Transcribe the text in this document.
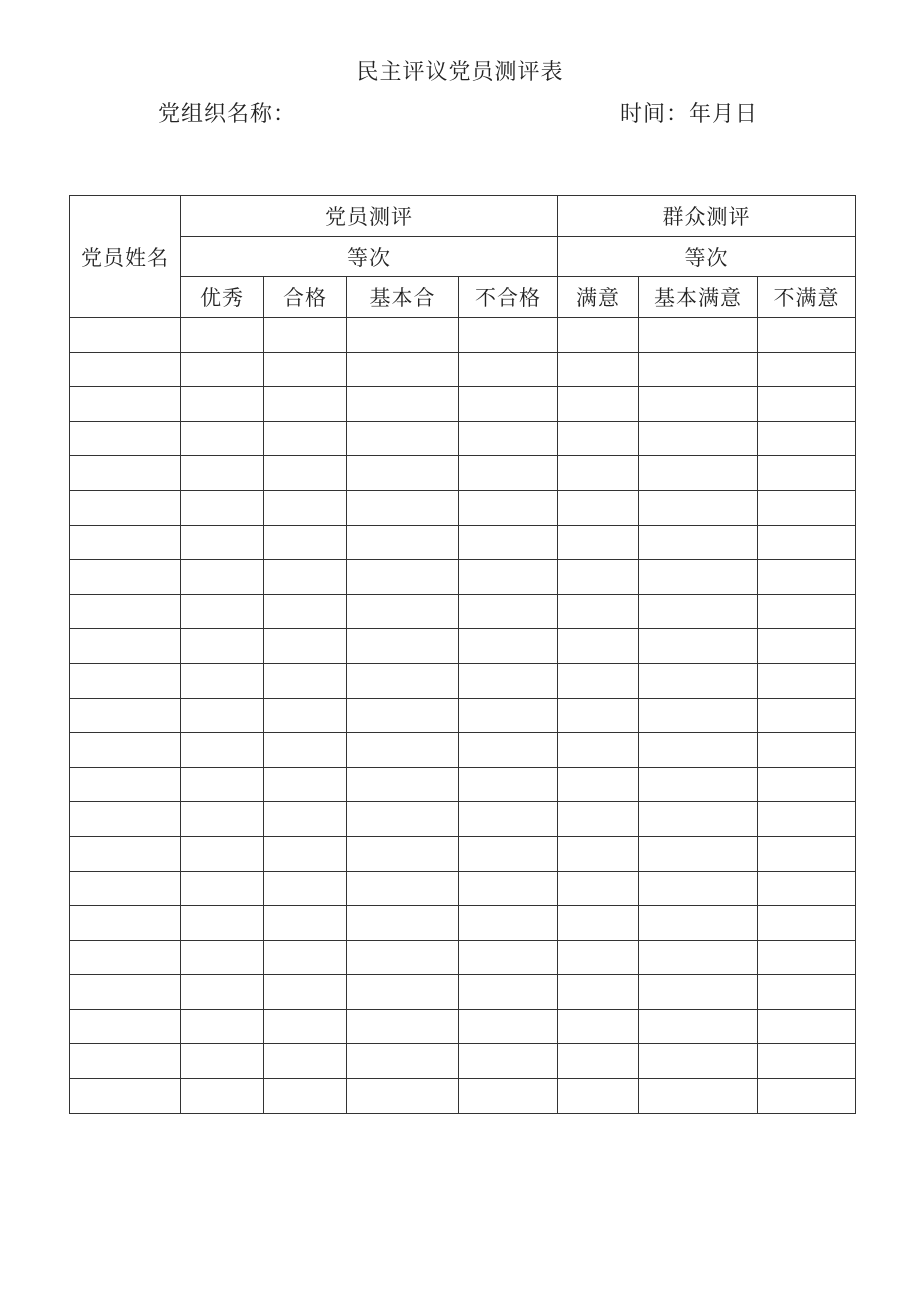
民主评议党员测评表
党组织名称：	时间：年月日
党员姓名	党员测评				群众测评		
	等次				等次		
	优秀	合格	基本合	不合格	满意	基本满意	不满意
